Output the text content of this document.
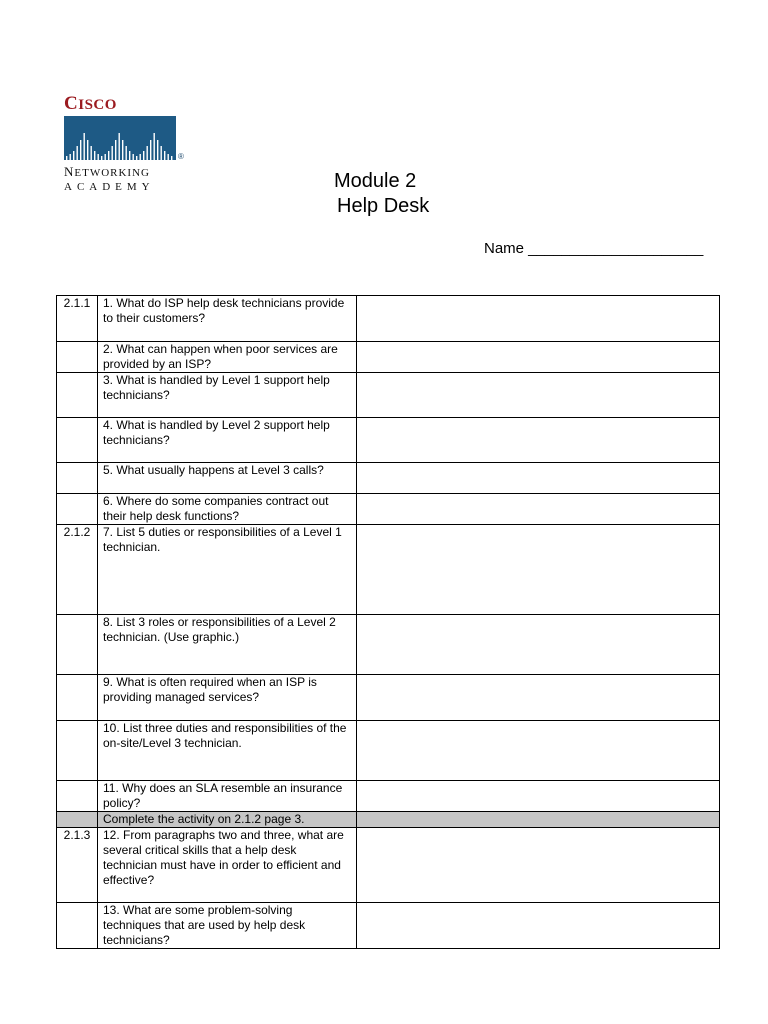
CISCO
®
NETWORKING
ACADEMY	Module 2
Help Desk
Name _____________________
2.1.1	1. What do ISP help desk technicians provide to their customers?	
	2. What can happen when poor services are provided by an ISP?	
	3. What is handled by Level 1 support help technicians?	
	4. What is handled by Level 2 support help technicians?	
	5. What usually happens at Level 3 calls?	
	6. Where do some companies contract out their help desk functions?	
2.1.2	7. List 5 duties or responsibilities of a Level 1 technician.	
	8. List 3 roles or responsibilities of a Level 2 technician. (Use graphic.)	
	9. What is often required when an ISP is providing managed services?	
	10. List three duties and responsibilities of the on-site/Level 3 technician.	
	11. Why does an SLA resemble an insurance policy?	
	Complete the activity on 2.1.2 page 3.	
2.1.3	12. From paragraphs two and three, what are several critical skills that a help desk technician must have in order to efficient and effective?	
	13. What are some problem-solving techniques that are used by help desk technicians?	
